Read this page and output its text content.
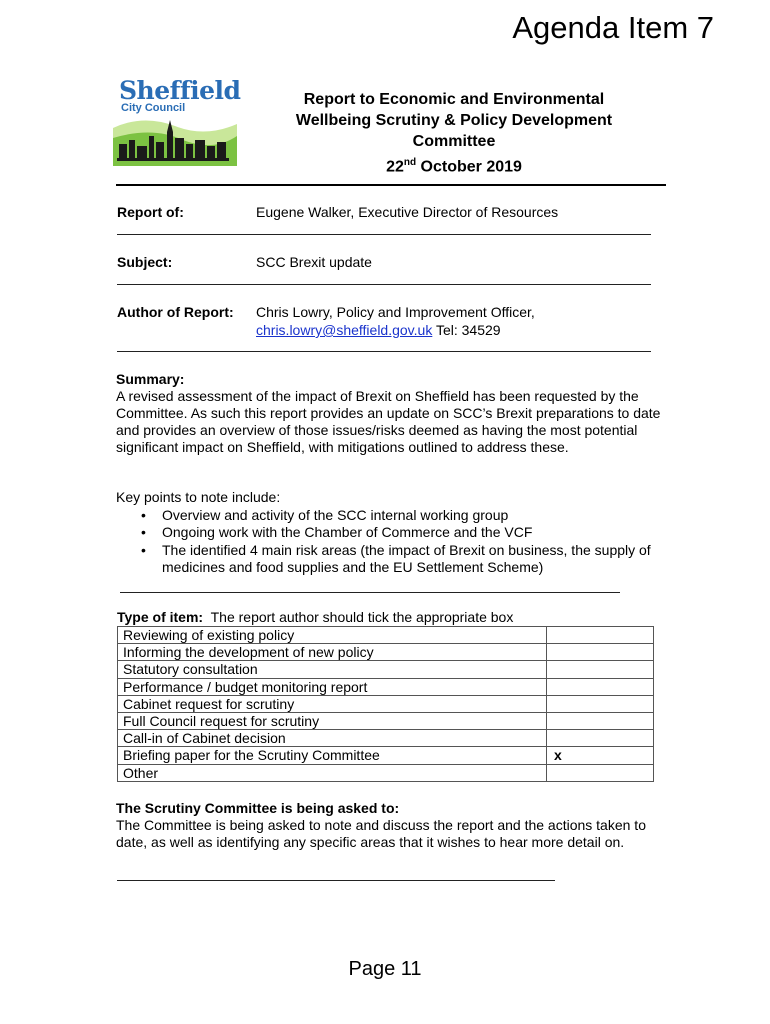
Agenda Item 7
Sheffield
City Council	Report to Economic and Environmental
Wellbeing Scrutiny & Policy Development
Committee
22nd October 2019
Report of:	Eugene Walker, Executive Director of Resources
Subject:	SCC Brexit update
Author of Report: Chris Lowry, Policy and Improvement Officer,
chris.lowry@sheffield.gov.uk Tel: 34529
Summary:
A revised assessment of the impact of Brexit on Sheffield has been requested by the Committee. As such this report provides an update on SCC’s Brexit preparations to date and provides an overview of those issues/risks deemed as having the most potential significant impact on Sheffield, with mitigations outlined to address these.
Key points to note include:
• Overview and activity of the SCC internal working group
• Ongoing work with the Chamber of Commerce and the VCF
• The identified 4 main risk areas (the impact of Brexit on business, the supply of medicines and food supplies and the EU Settlement Scheme)
Type of item: The report author should tick the appropriate box
Reviewing of existing policy	
Informing the development of new policy	
Statutory consultation	
Performance / budget monitoring report	
Cabinet request for scrutiny	
Full Council request for scrutiny	
Call-in of Cabinet decision	
Briefing paper for the Scrutiny Committee	x
Other	
The Scrutiny Committee is being asked to:
The Committee is being asked to note and discuss the report and the actions taken to date, as well as identifying any specific areas that it wishes to hear more detail on.
Page 11
